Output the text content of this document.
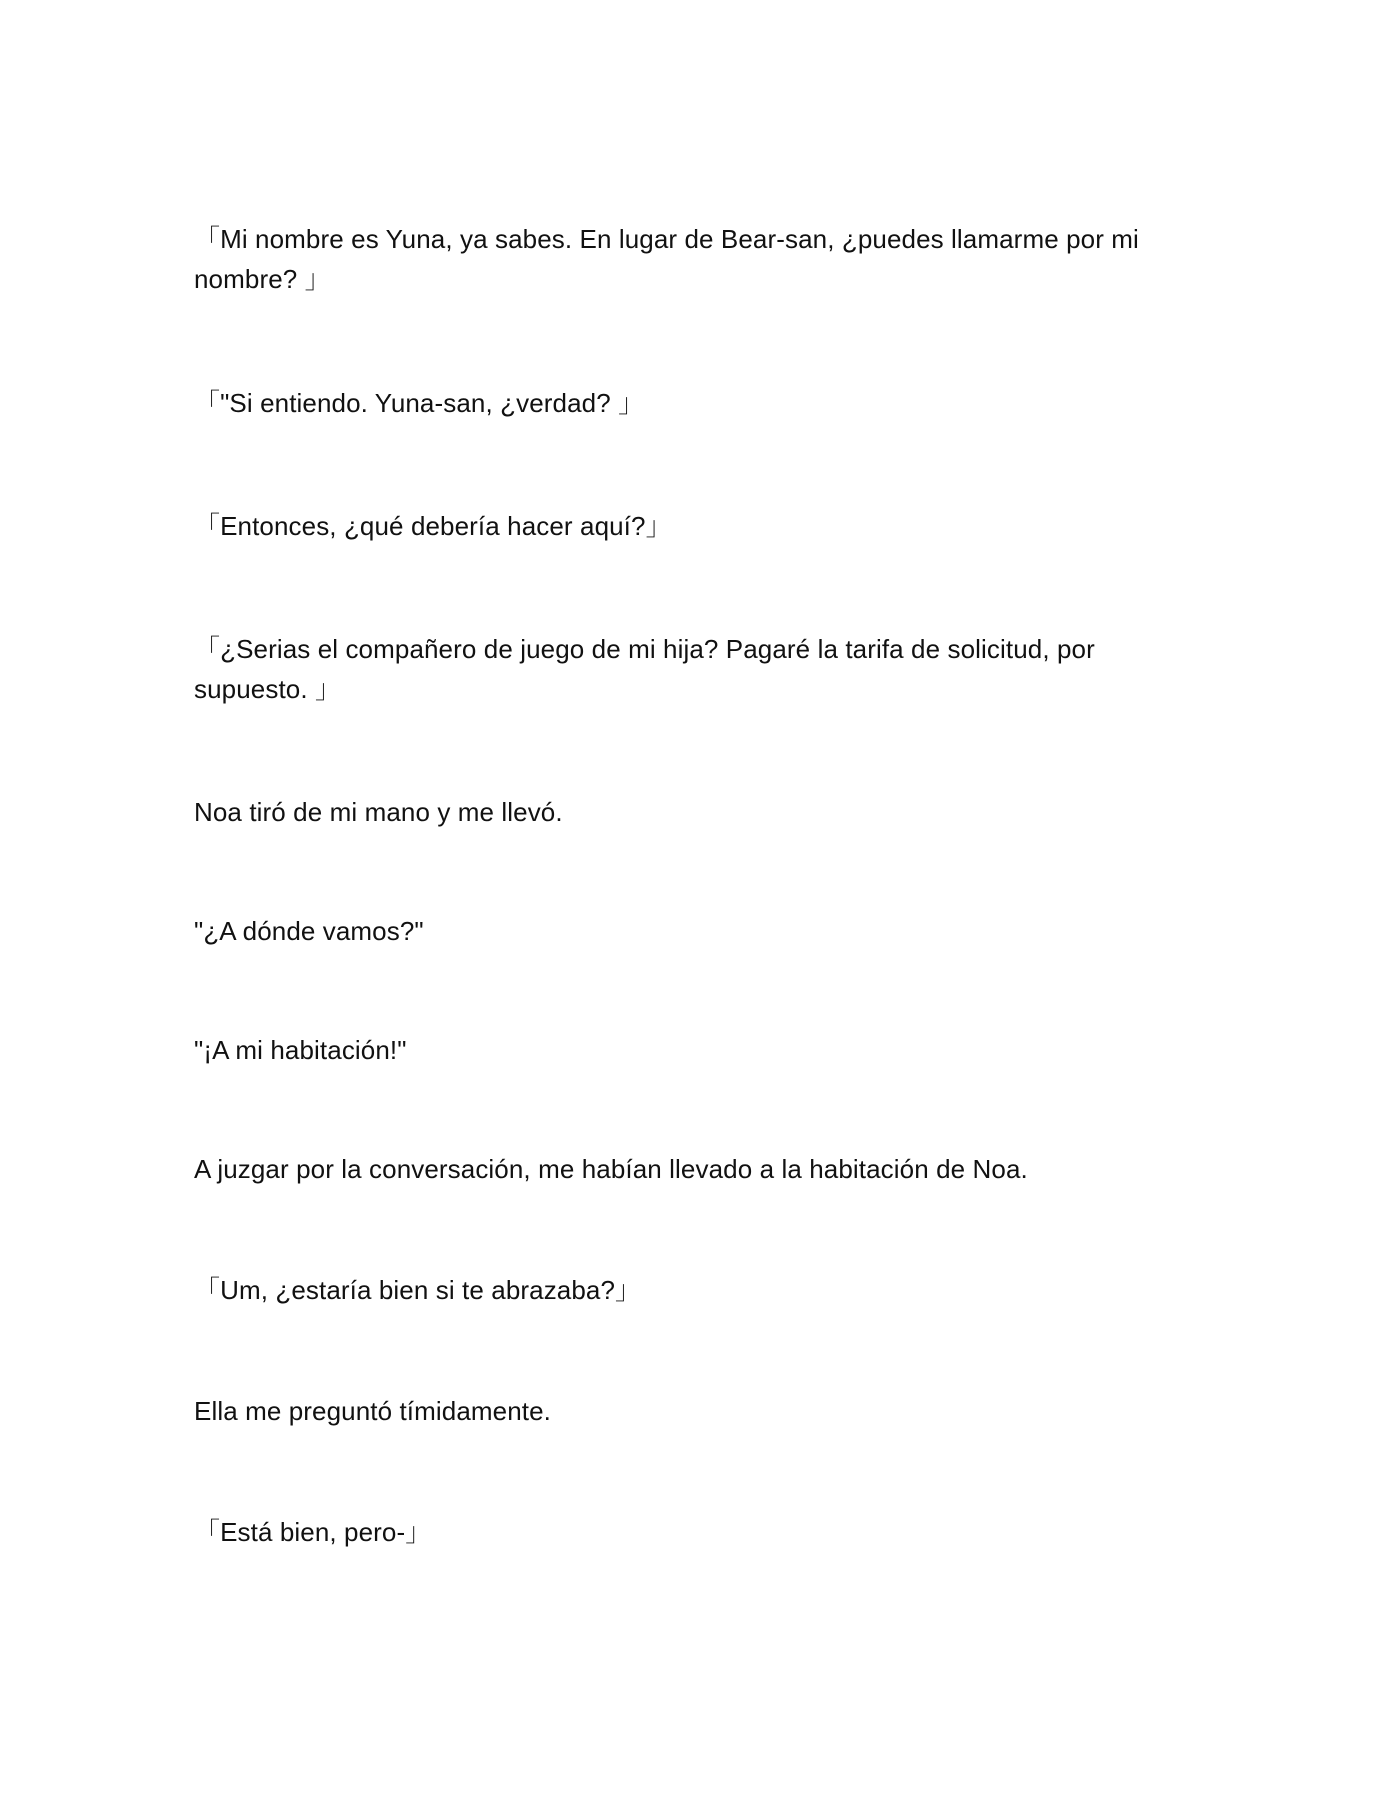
「Mi nombre es Yuna, ya sabes. En lugar de Bear-san, ¿puedes llamarme por mi nombre? 」

「"Si entiendo. Yuna-san, ¿verdad? 」

「Entonces, ¿qué debería hacer aquí?」

「¿Serias el compañero de juego de mi hija? Pagaré la tarifa de solicitud, por supuesto. 」

Noa tiró de mi mano y me llevó.

"¿A dónde vamos?"

"¡A mi habitación!"

A juzgar por la conversación, me habían llevado a la habitación de Noa.

「Um, ¿estaría bien si te abrazaba?」

Ella me preguntó tímidamente.

「Está bien, pero-」
